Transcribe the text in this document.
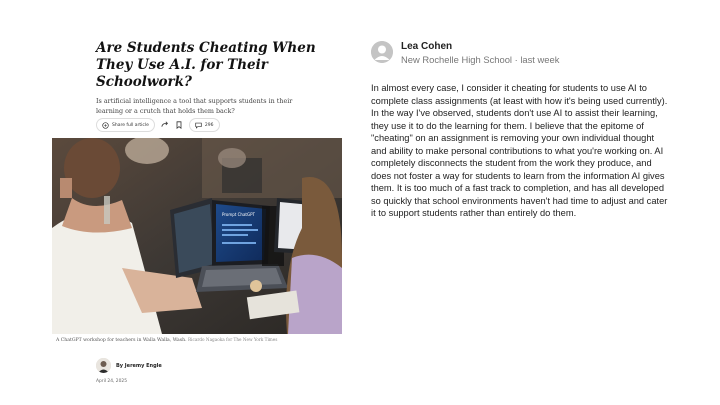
Are Students Cheating When They Use A.I. for Their Schoolwork?

Is artificial intelligence a tool that supports students in their learning or a crutch that holds them back?

Share full article	296
Prompt ChatGPT
A ChatGPT workshop for teachers in Walla Walla, Wash. Ricardo Nagaoka for The New York Times
By Jeremy Engle
April 24, 2025
Lea Cohen
New Rochelle High School · last week
In almost every case, I consider it cheating for students to use AI to complete class assignments (at least with how it's being used currently). In the way I've observed, students don't use AI to assist their learning, they use it to do the learning for them. I believe that the epitome of "cheating" on an assignment is removing your own individual thought and ability to make personal contributions to what you're working on. AI completely disconnects the student from the work they produce, and does not foster a way for students to learn from the information AI gives them. It is too much of a fast track to completion, and has all developed so quickly that school environments haven't had time to adjust and cater it to support students rather than entirely do them.
